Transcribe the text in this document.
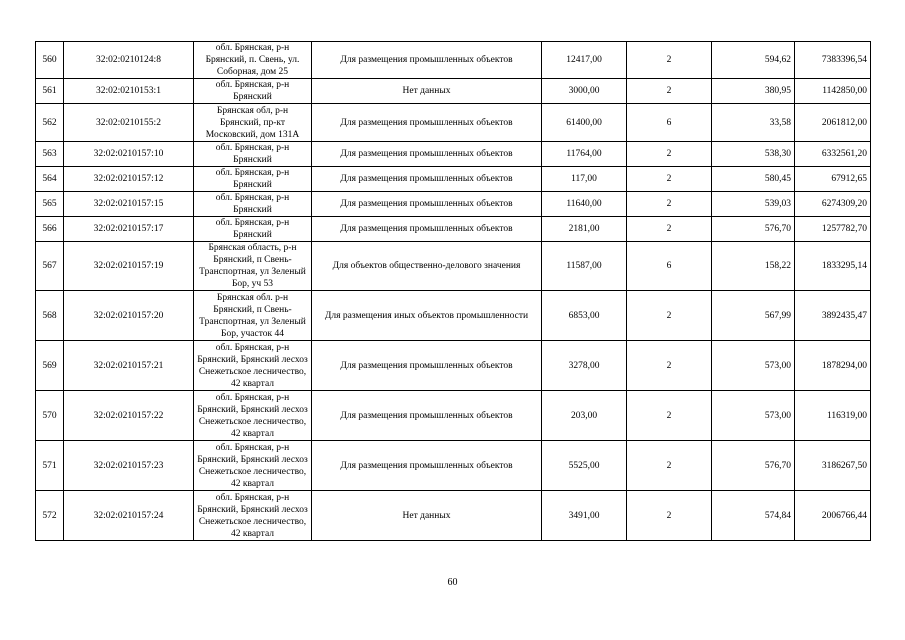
560	32:02:0210124:8	обл. Брянская, р-н Брянский, п. Свень, ул. Соборная, дом 25	Для размещения промышленных объектов	12417,00	2	594,62	7383396,54
561	32:02:0210153:1	обл. Брянская, р-н Брянский	Нет данных	3000,00	2	380,95	1142850,00
562	32:02:0210155:2	Брянская обл, р-н Брянский, пр-кт Московский, дом 131А	Для размещения промышленных объектов	61400,00	6	33,58	2061812,00
563	32:02:0210157:10	обл. Брянская, р-н Брянский	Для размещения промышленных объектов	11764,00	2	538,30	6332561,20
564	32:02:0210157:12	обл. Брянская, р-н Брянский	Для размещения промышленных объектов	117,00	2	580,45	67912,65
565	32:02:0210157:15	обл. Брянская, р-н Брянский	Для размещения промышленных объектов	11640,00	2	539,03	6274309,20
566	32:02:0210157:17	обл. Брянская, р-н Брянский	Для размещения промышленных объектов	2181,00	2	576,70	1257782,70
567	32:02:0210157:19	Брянская область, р-н Брянский, п Свень-Транспортная, ул Зеленый Бор, уч 53	Для объектов общественно-делового значения	11587,00	6	158,22	1833295,14
568	32:02:0210157:20	Брянская обл. р-н Брянский, п Свень-Транспортная, ул Зеленый Бор, участок 44	Для размещения иных объектов промышленности	6853,00	2	567,99	3892435,47
569	32:02:0210157:21	обл. Брянская, р-н Брянский, Брянский лесхоз Снежетьское лесничество, 42 квартал	Для размещения промышленных объектов	3278,00	2	573,00	1878294,00
570	32:02:0210157:22	обл. Брянская, р-н Брянский, Брянский лесхоз Снежетьское лесничество, 42 квартал	Для размещения промышленных объектов	203,00	2	573,00	116319,00
571	32:02:0210157:23	обл. Брянская, р-н Брянский, Брянский лесхоз Снежетьское лесничество, 42 квартал	Для размещения промышленных объектов	5525,00	2	576,70	3186267,50
572	32:02:0210157:24	обл. Брянская, р-н Брянский, Брянский лесхоз Снежетьское лесничество, 42 квартал	Нет данных	3491,00	2	574,84	2006766,44
60
